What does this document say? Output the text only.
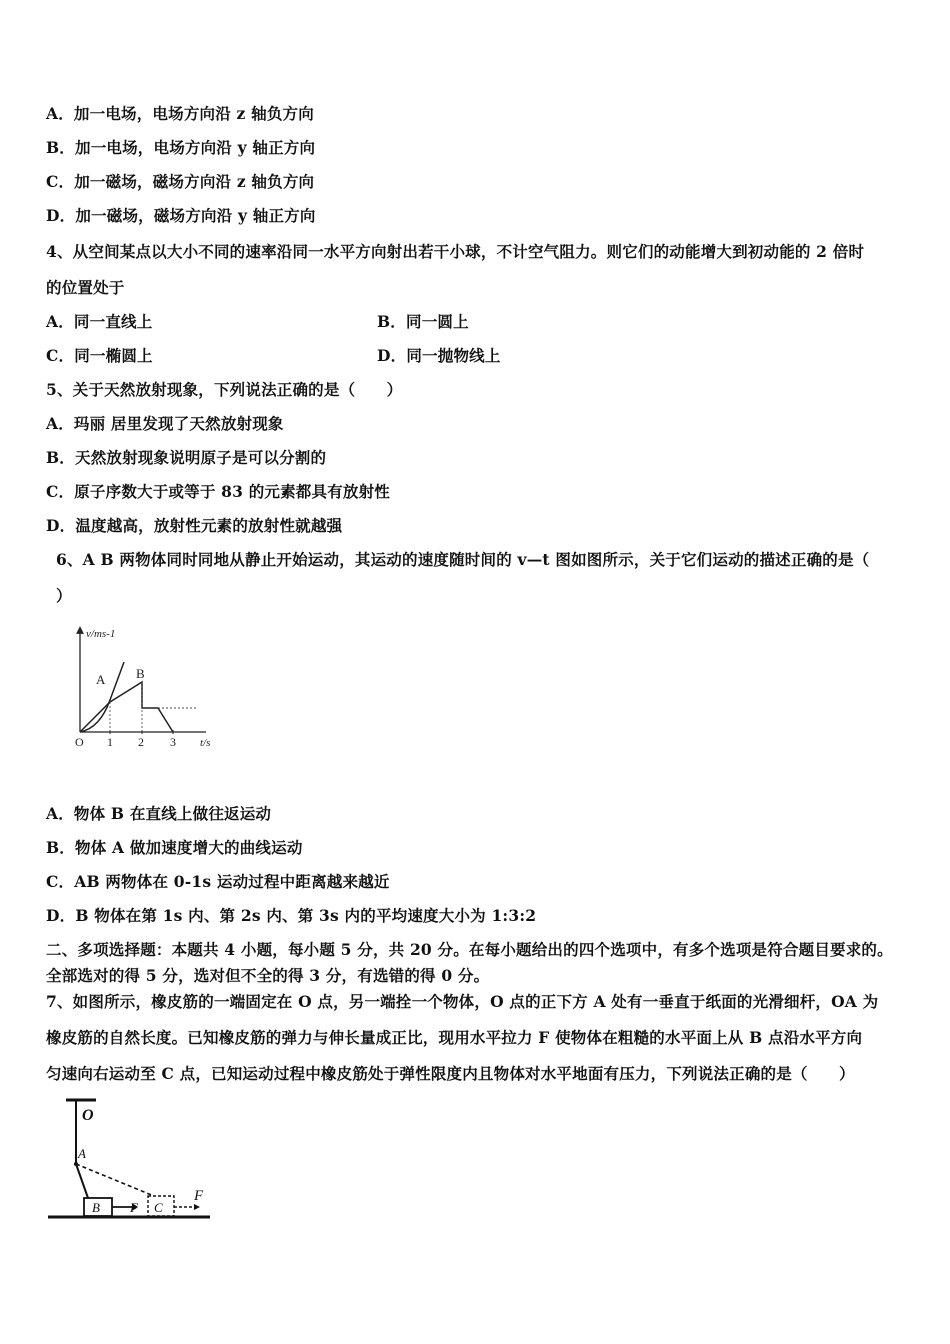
A．加一电场，电场方向沿 z 轴负方向
B．加一电场，电场方向沿 y 轴正方向
C．加一磁场，磁场方向沿 z 轴负方向
D．加一磁场，磁场方向沿 y 轴正方向
4、从空间某点以大小不同的速率沿同一水平方向射出若干小球，不计空气阻力。则它们的动能增大到初动能的 2 倍时
的位置处于
A．同一直线上	B．同一圆上
C．同一椭圆上	D．同一抛物线上
5、关于天然放射现象，下列说法正确的是（　　）
A．玛丽 居里发现了天然放射现象
B．天然放射现象说明原子是可以分割的
C．原子序数大于或等于 83 的元素都具有放射性
D．温度越高，放射性元素的放射性就越强
6、A B 两物体同时同地从静止开始运动，其运动的速度随时间的 v—t 图如图所示，关于它们运动的描述正确的是（
）
v/ms-1
O 1 2 3 t/s
A B
A．物体 B 在直线上做往返运动
B．物体 A 做加速度增大的曲线运动
C．AB 两物体在 0-1s 运动过程中距离越来越近
D．B 物体在第 1s 内、第 2s 内、第 3s 内的平均速度大小为 1:3:2
二、多项选择题：本题共 4 小题，每小题 5 分，共 20 分。在每小题给出的四个选项中，有多个选项是符合题目要求的。
全部选对的得 5 分，选对但不全的得 3 分，有选错的得 0 分。
7、如图所示，橡皮筋的一端固定在 O 点，另一端拴一个物体，O 点的正下方 A 处有一垂直于纸面的光滑细杆，OA 为
橡皮筋的自然长度。已知橡皮筋的弹力与伸长量成正比，现用水平拉力 F 使物体在粗糙的水平面上从 B 点沿水平方向
匀速向右运动至 C 点，已知运动过程中橡皮筋处于弹性限度内且物体对水平地面有压力，下列说法正确的是（　　）
O
A
B F C
F
